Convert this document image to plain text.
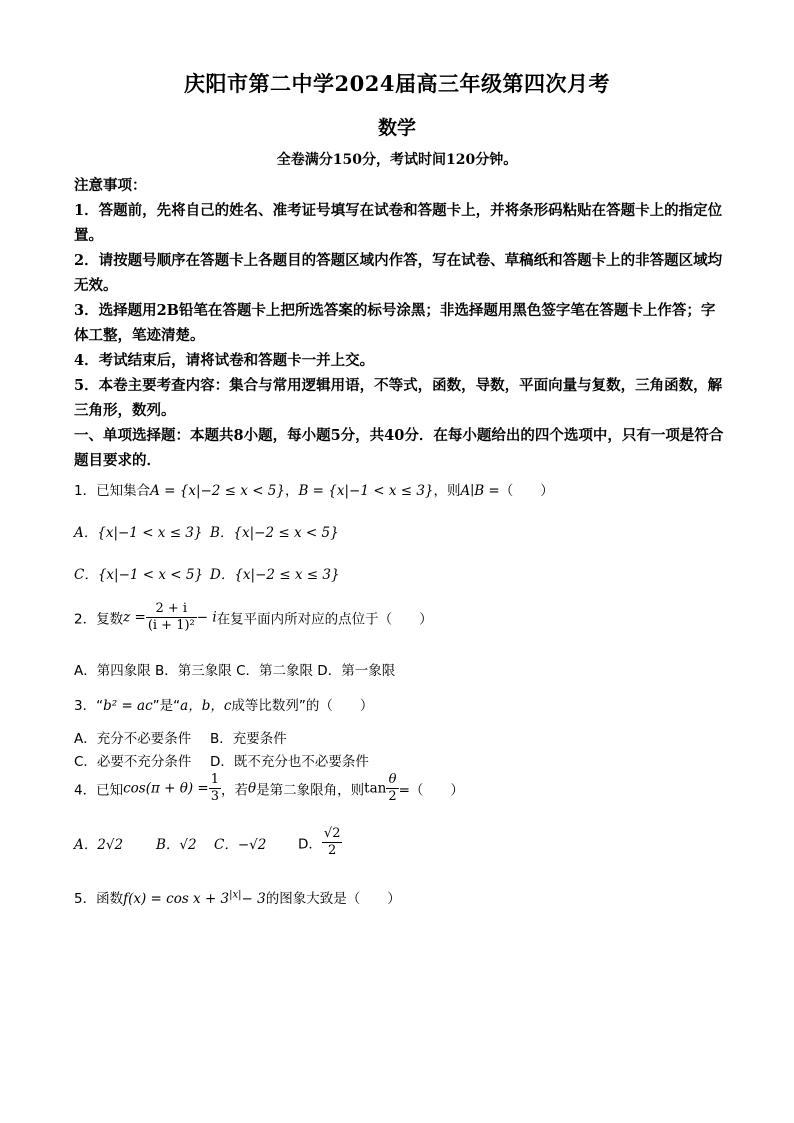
庆阳市第二中学2024届高三年级第四次月考
数学
全卷满分150分，考试时间120分钟。

注意事项：

1．答题前，先将自己的姓名、准考证号填写在试卷和答题卡上，并将条形码粘贴在答题卡上的指定位置。

2．请按题号顺序在答题卡上各题目的答题区域内作答，写在试卷、草稿纸和答题卡上的非答题区域均无效。

3．选择题用2B铅笔在答题卡上把所选答案的标号涂黑；非选择题用黑色签字笔在答题卡上作答；字体工整，笔迹清楚。

4．考试结束后，请将试卷和答题卡一并上交。

5．本卷主要考查内容：集合与常用逻辑用语，不等式，函数，导数，平面向量与复数，三角函数，解三角形，数列。

一、单项选择题：本题共8小题，每小题5分，共40分．在每小题给出的四个选项中，只有一项是符合题目要求的．

1．已知集合A = {x|−2 ≤ x < 5}，B = {x|−1 < x ≤ 3}，则A∣B =（　　）
A．{x|−1 < x ≤ 3} B．{x|−2 ≤ x < 5}
C．{x|−1 < x < 5} D．{x|−2 ≤ x ≤ 3}
2．复数$z = \frac{2 + i}{\text{(i + 1)²}} - i$在复平面内所对应的点位于（　　）
A．第四象限 B．第三象限 C．第二象限 D．第一象限
3．“b² = ac”是“a，b，c成等比数列”的（　　）
A．充分不必要条件 B．充要条件
C．必要不充分条件 D．既不充分也不必要条件
4．已知$\cos(\pi + \theta) = \frac{1}{3}$ ，若θ是第二象限角，则$\tan \frac{\theta}{2}$ =（　　）
A．2√2 B．√2 C．−√2 D． $\frac{√2}{2}$
5．函数$f(x) = \cos x + 3^{|x|}- 3$的图象大致是（　　）
